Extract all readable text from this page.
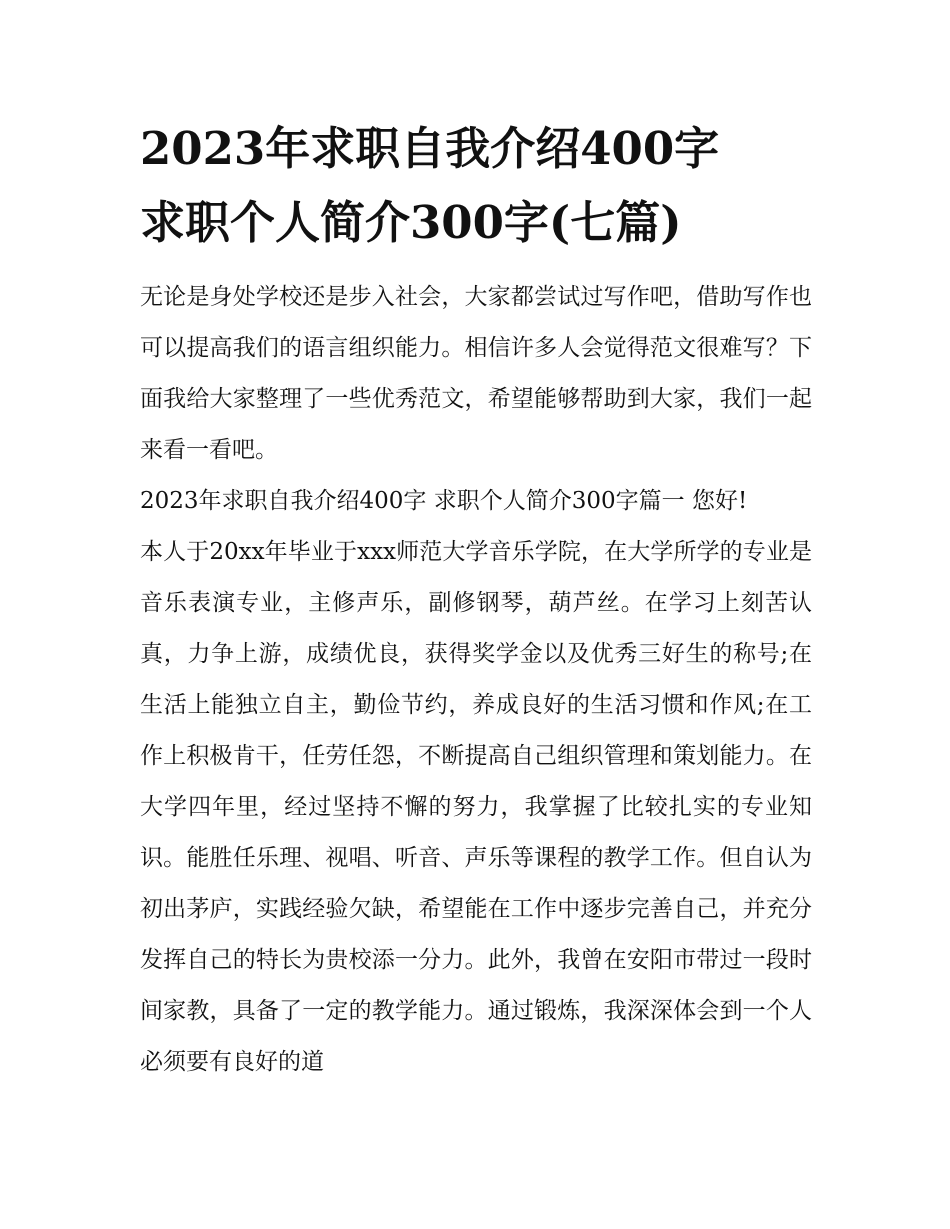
2023年求职自我介绍400字
求职个人简介300字(七篇)

无论是身处学校还是步入社会，大家都尝试过写作吧，借助写作也可以提高我们的语言组织能力。相信许多人会觉得范文很难写？下面我给大家整理了一些优秀范文，希望能够帮助到大家，我们一起来看一看吧。

2023年求职自我介绍400字 求职个人简介300字篇一 您好!

本人于20xx年毕业于xxx师范大学音乐学院，在大学所学的专业是音乐表演专业，主修声乐，副修钢琴，葫芦丝。在学习上刻苦认真，力争上游，成绩优良，获得奖学金以及优秀三好生的称号;在生活上能独立自主，勤俭节约，养成良好的生活习惯和作风;在工作上积极肯干，任劳任怨，不断提高自己组织管理和策划能力。在大学四年里，经过坚持不懈的努力，我掌握了比较扎实的专业知识。能胜任乐理、视唱、听音、声乐等课程的教学工作。但自认为初出茅庐，实践经验欠缺，希望能在工作中逐步完善自己，并充分发挥自己的特长为贵校添一分力。此外，我曾在安阳市带过一段时间家教，具备了一定的教学能力。通过锻炼，我深深体会到一个人必须要有良好的道
